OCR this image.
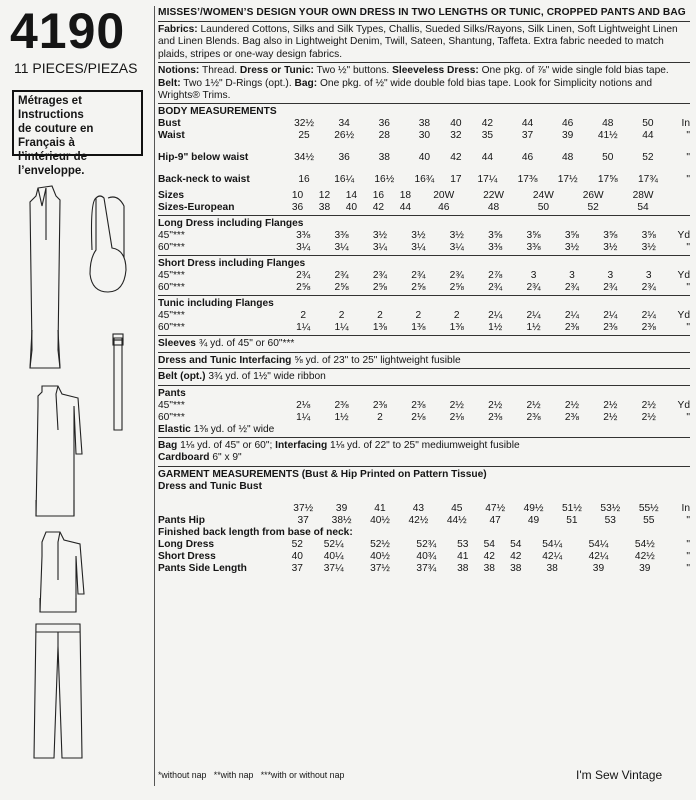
4190
11 PIECES/PIEZAS
Métrages et Instructions
de couture en Français à
l’intérieur de
l’enveloppe.
MISSES’/WOMEN’S DESIGN YOUR OWN DRESS IN TWO LENGTHS OR TUNIC, CROPPED PANTS AND BAG
Fabrics: Laundered Cottons, Silks and Silk Types, Challis, Sueded Silks/Rayons, Silk Linen, Soft Lightweight Linen and Linen Blends. Bag also in Lightweight Denim, Twill, Sateen, Shantung, Taffeta. Extra fabric needed to match plaids, stripes or one-way design fabrics.
Notions: Thread. Dress or Tunic: Two ½" buttons. Sleeveless Dress: One pkg. of ⅞" wide single fold bias tape.
Belt: Two 1½" D-Rings (opt.). Bag: One pkg. of ½" wide double fold bias tape. Look for Simplicity notions and Wrights® Trims.
BODY MEASUREMENTS
Bust	32½	34	36	38	40	42	44	46	48	50	In
Waist	25	26½	28	30	32	35	37	39	41½	44	"
Hip-9" below waist	34½	36	38	40	42	44	46	48	50	52	"
Back-neck to waist	16	16¼	16½	16¾	17	17¼	17⅜	17½	17⅝	17¾	"
Sizes	10	12	14	16	18	20W	22W	24W	26W	28W	
Sizes-European	36	38	40	42	44	46	48	50	52	54	
Long Dress including Flanges
45"***	3⅜	3⅜	3½	3½	3½	3⅝	3⅝	3⅝	3⅝	3⅝	Yd
60"***	3¼	3¼	3¼	3¼	3¼	3⅜	3⅜	3½	3½	3½	"
Short Dress including Flanges
45"***	2¾	2¾	2¾	2¾	2¾	2⅞	3	3	3	3	Yd
60"***	2⅝	2⅝	2⅝	2⅝	2⅝	2¾	2¾	2¾	2¾	2¾	"
Tunic including Flanges
45"***	2	2	2	2	2	2¼	2¼	2¼	2¼	2¼	Yd
60"***	1¼	1¼	1⅜	1⅜	1⅜	1½	1½	2⅜	2⅜	2⅜	"
Sleeves ¾ yd. of 45" or 60"***
Dress and Tunic Interfacing ⅝ yd. of 23" to 25" lightweight fusible
Belt (opt.) 3¾ yd. of 1½" wide ribbon
Pants
45"***	2⅛	2⅜	2⅜	2⅜	2½	2½	2½	2½	2½	2½	Yd
60"***	1¼	1½	2	2⅛	2⅛	2⅜	2⅜	2⅜	2½	2½	"
Elastic 1⅜ yd. of ½" wide
Bag 1⅛ yd. of 45" or 60"; Interfacing 1⅛ yd. of 22" to 25" mediumweight fusible
Cardboard 6" x 9"
GARMENT MEASUREMENTS (Bust & Hip Printed on Pattern Tissue)
Dress and Tunic Bust
	37½	39	41	43	45	47½	49½	51½	53½	55½	In
Pants Hip	37	38½	40½	42½	44½	47	49	51	53	55	"
Finished back length from base of neck:
Long Dress	52	52¼	52½	52¾	53	54	54	54¼	54¼	54½	"
Short Dress	40	40¼	40½	40¾	41	42	42	42¼	42¼	42½	"
Pants Side Length	37	37¼	37½	37¾	38	38	38	38	39	39	"
*without nap **with nap ***with or without nap	I'm Sew Vintage
